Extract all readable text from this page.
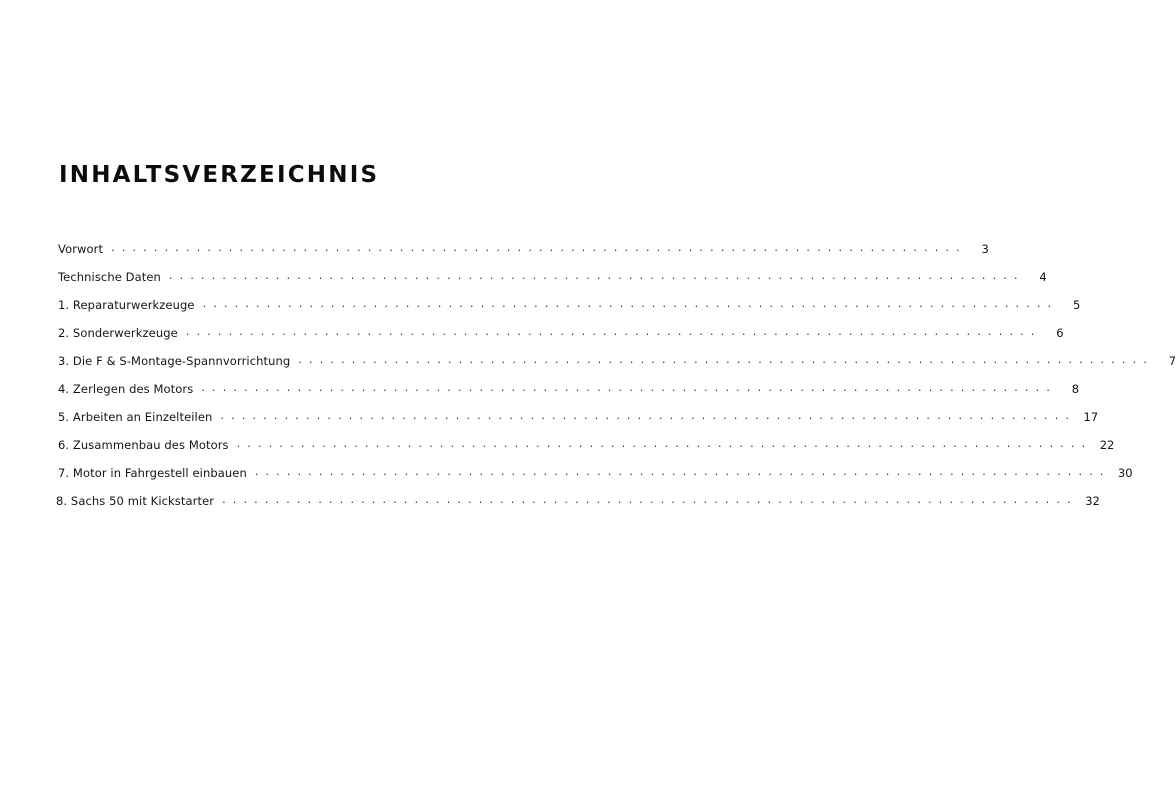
INHALTSVERZEICHNIS
Vorwort ................................................................................	3
Technische Daten ................................................................................	4
1. Reparaturwerkzeuge ................................................................................	5
2. Sonderwerkzeuge ................................................................................	6
3. Die F & S-Montage-Spannvorrichtung ................................................................................	7
4. Zerlegen des Motors ................................................................................	8
5. Arbeiten an Einzelteilen ................................................................................ 17
6. Zusammenbau des Motors ................................................................................ 22
7. Motor in Fahrgestell einbauen ................................................................................ 30
8. Sachs 50 mit Kickstarter ................................................................................ 32
